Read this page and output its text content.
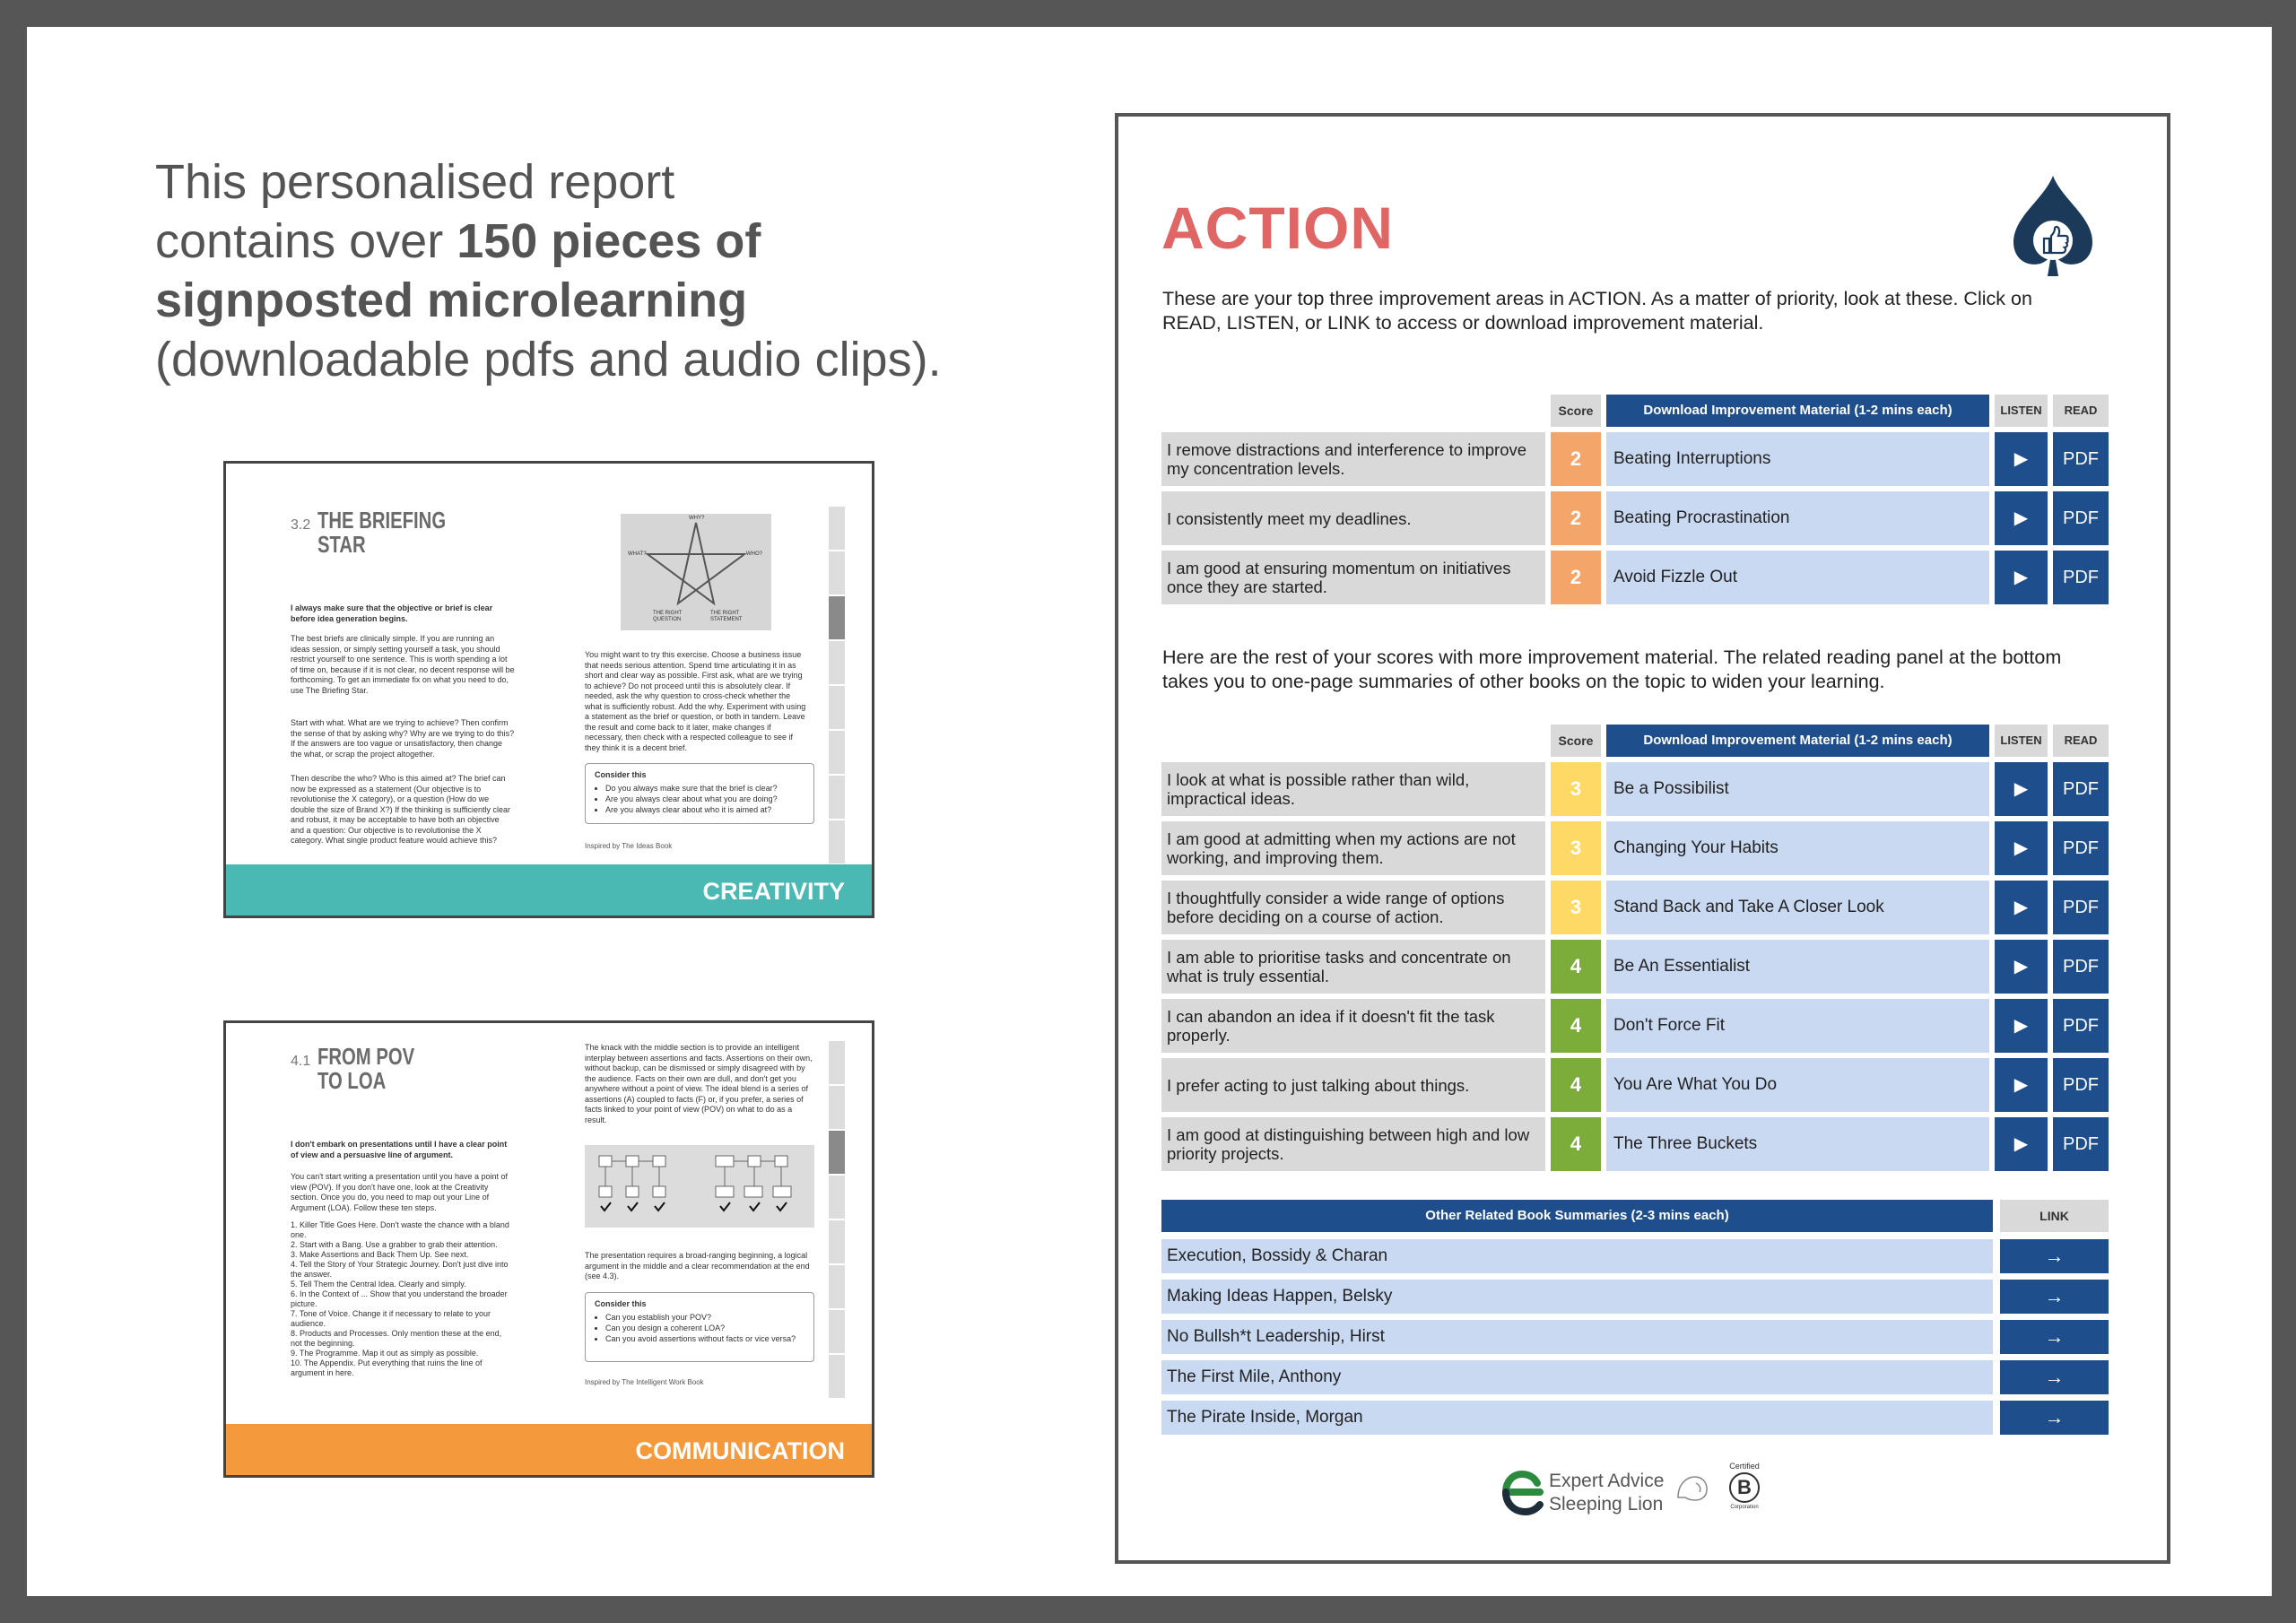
This personalised report
contains over 150 pieces of
signposted microlearning
(downloadable pdfs and audio clips).
3.2 THE BRIEFING
STAR
WHY?
WHAT?	WHO?
THE RIGHT QUESTION
THE RIGHT STATEMENT
I always make sure that the objective or brief is clear before idea generation begins.
The best briefs are clinically simple. If you are running an ideas session, or simply setting yourself a task, you should restrict yourself to one sentence. This is worth spending a lot of time on, because if it is not clear, no decent response will be forthcoming. To get an immediate fix on what you need to do, use The Briefing Star.
Start with what. What are we trying to achieve? Then confirm the sense of that by asking why? Why are we trying to do this? If the answers are too vague or unsatisfactory, then change the what, or scrap the project altogether.
Then describe the who? Who is this aimed at? The brief can now be expressed as a statement (Our objective is to revolutionise the X category), or a question (How do we double the size of Brand X?) If the thinking is sufficiently clear and robust, it may be acceptable to have both an objective and a question: Our objective is to revolutionise the X category. What single product feature would achieve this?
You might want to try this exercise. Choose a business issue that needs serious attention. Spend time articulating it in as short and clear way as possible. First ask, what are we trying to achieve? Do not proceed until this is absolutely clear. If needed, ask the why question to cross-check whether the what is sufficiently robust. Add the why. Experiment with using a statement as the brief or question, or both in tandem. Leave the result and come back to it later, make changes if necessary, then check with a respected colleague to see if they think it is a decent brief.
Consider this
• Do you always make sure that the brief is clear?
• Are you always clear about what you are doing?
• Are you always clear about who it is aimed at?
Inspired by The Ideas Book
CREATIVITY
4.1 FROM POV
TO LOA
I don't embark on presentations until I have a clear point of view and a persuasive line of argument.
You can't start writing a presentation until you have a point of view (POV). If you don't have one, look at the Creativity section. Once you do, you need to map out your Line of Argument (LOA). Follow these ten steps.
1. Killer Title Goes Here. Don't waste the chance with a bland one.
2. Start with a Bang. Use a grabber to grab their attention.
3. Make Assertions and Back Them Up. See next.
4. Tell the Story of Your Strategic Journey. Don't just dive into the answer.
5. Tell Them the Central Idea. Clearly and simply.
6. In the Context of ... Show that you understand the broader picture.
7. Tone of Voice. Change it if necessary to relate to your audience.
8. Products and Processes. Only mention these at the end, not the beginning.
9. The Programme. Map it out as simply as possible.
10. The Appendix. Put everything that ruins the line of argument in here.
The knack with the middle section is to provide an intelligent interplay between assertions and facts. Assertions on their own, without backup, can be dismissed or simply disagreed with by the audience. Facts on their own are dull, and don't get you anywhere without a point of view. The ideal blend is a series of assertions (A) coupled to facts (F) or, if you prefer, a series of facts linked to your point of view (POV) on what to do as a result.
The presentation requires a broad-ranging beginning, a logical argument in the middle and a clear recommendation at the end (see 4.3).
Consider this
• Can you establish your POV?
• Can you design a coherent LOA?
• Can you avoid assertions without facts or vice versa?
Inspired by The Intelligent Work Book
COMMUNICATION
ACTION
These are your top three improvement areas in ACTION. As a matter of priority, look at these. Click on READ, LISTEN, or LINK to access or download improvement material.
Score	Download Improvement Material (1-2 mins each)	LISTEN	READ
I remove distractions and interference to improve my concentration levels.	2	Beating Interruptions	▶	PDF
I consistently meet my deadlines.	2	Beating Procrastination	▶	PDF
I am good at ensuring momentum on initiatives once they are started.	2	Avoid Fizzle Out	▶	PDF
Here are the rest of your scores with more improvement material. The related reading panel at the bottom takes you to one-page summaries of other books on the topic to widen your learning.
Score	Download Improvement Material (1-2 mins each)	LISTEN	READ
I look at what is possible rather than wild, impractical ideas.	3	Be a Possibilist	▶	PDF
I am good at admitting when my actions are not working, and improving them.	3	Changing Your Habits	▶	PDF
I thoughtfully consider a wide range of options before deciding on a course of action.	3	Stand Back and Take A Closer Look	▶	PDF
I am able to prioritise tasks and concentrate on what is truly essential.	4	Be An Essentialist	▶	PDF
I can abandon an idea if it doesn't fit the task properly.	4	Don't Force Fit	▶	PDF
I prefer acting to just talking about things.	4	You Are What You Do	▶	PDF
I am good at distinguishing between high and low priority projects.	4	The Three Buckets	▶	PDF
Other Related Book Summaries (2-3 mins each)	LINK
Execution, Bossidy & Charan	→
Making Ideas Happen, Belsky	→
No Bullsh*t Leadership, Hirst	→
The First Mile, Anthony	→
The Pirate Inside, Morgan	→
Expert Advice
Sleeping Lion
Certified
B
Corporation
